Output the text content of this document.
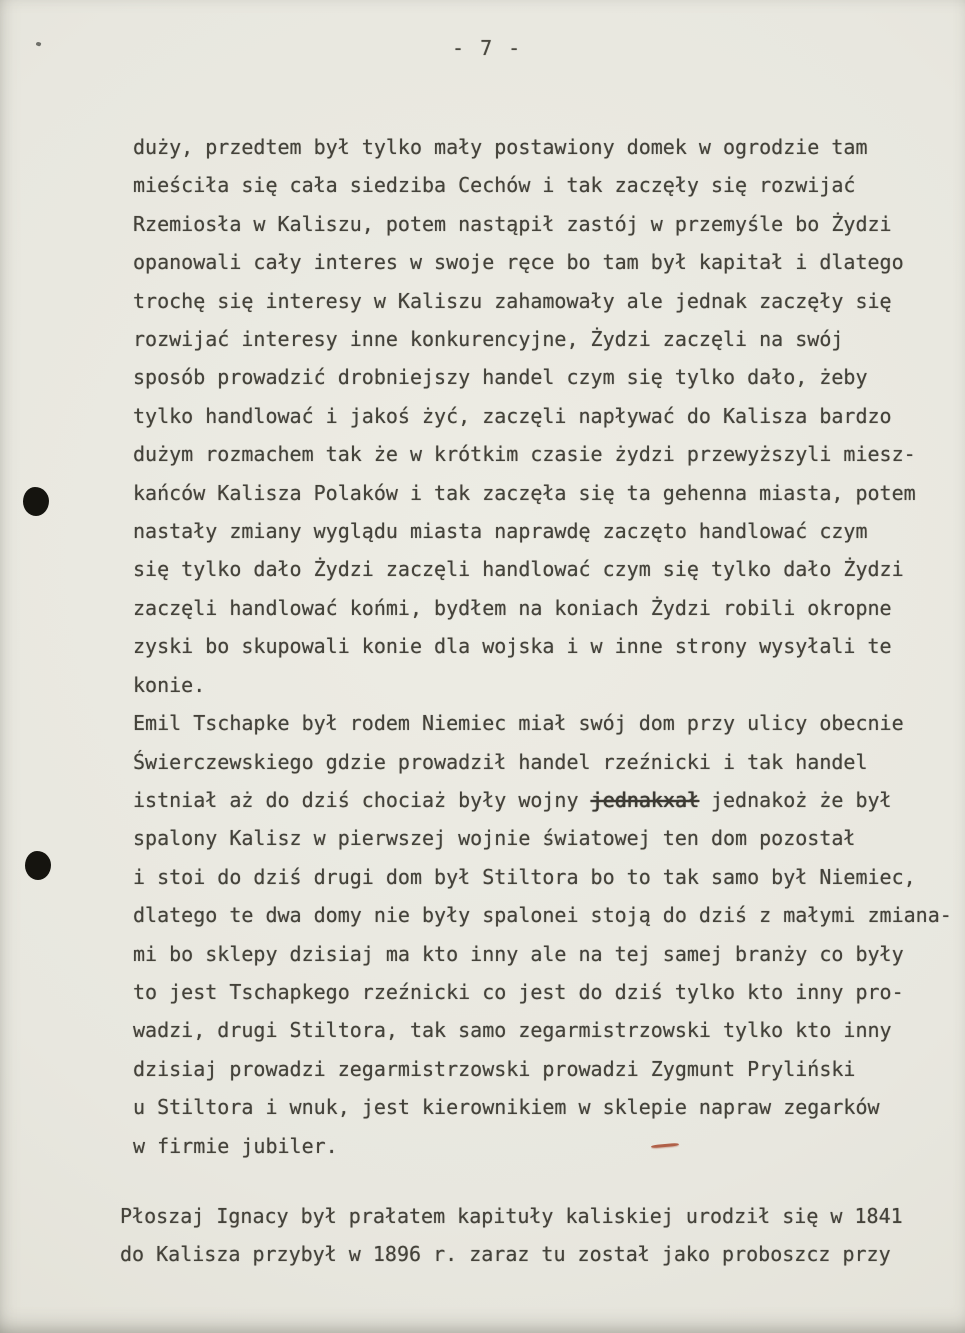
- 7 -
duży, przedtem był tylko mały postawiony domek w ogrodzie tam
mieściła się cała siedziba Cechów i tak zaczęły się rozwijać
Rzemiosła w Kaliszu, potem nastąpił zastój w przemyśle bo Żydzi
opanowali cały interes w swoje ręce bo tam był kapitał i dlatego
trochę się interesy w Kaliszu zahamowały ale jednak zaczęły się
rozwijać interesy inne konkurencyjne, Żydzi zaczęli na swój
sposób prowadzić drobniejszy handel czym się tylko dało, żeby
tylko handlować i jakoś żyć, zaczęli napływać do Kalisza bardzo
dużym rozmachem tak że w krótkim czasie żydzi przewyższyli miesz-
kańców Kalisza Polaków i tak zaczęła się ta gehenna miasta, potem
nastały zmiany wyglądu miasta naprawdę zaczęto handlować czym
się tylko dało Żydzi zaczęli handlować czym się tylko dało Żydzi
zaczęli handlować końmi, bydłem na koniach Żydzi robili okropne
zyski bo skupowali konie dla wojska i w inne strony wysyłali te
konie.
Emil Tschapke był rodem Niemiec miał swój dom przy ulicy obecnie
Świerczewskiego gdzie prowadził handel rzeźnicki i tak handel
istniał aż do dziś chociaż były wojny jednakxał jednakoż że był
spalony Kalisz w pierwszej wojnie światowej ten dom pozostał
i stoi do dziś drugi dom był Stiltora bo to tak samo był Niemiec,
dlatego te dwa domy nie były spalonei stoją do dziś z małymi zmiana-
mi bo sklepy dzisiaj ma kto inny ale na tej samej branży co były
to jest Tschapkego rzeźnicki co jest do dziś tylko kto inny pro-
wadzi, drugi Stiltora, tak samo zegarmistrzowski tylko kto inny
dzisiaj prowadzi zegarmistrzowski prowadzi Zygmunt Pryliński
u Stiltora i wnuk, jest kierownikiem w sklepie napraw zegarków
w firmie jubiler.
Płoszaj Ignacy był prałatem kapituły kaliskiej urodził się w 1841
do Kalisza przybył w 1896 r. zaraz tu został jako proboszcz przy
